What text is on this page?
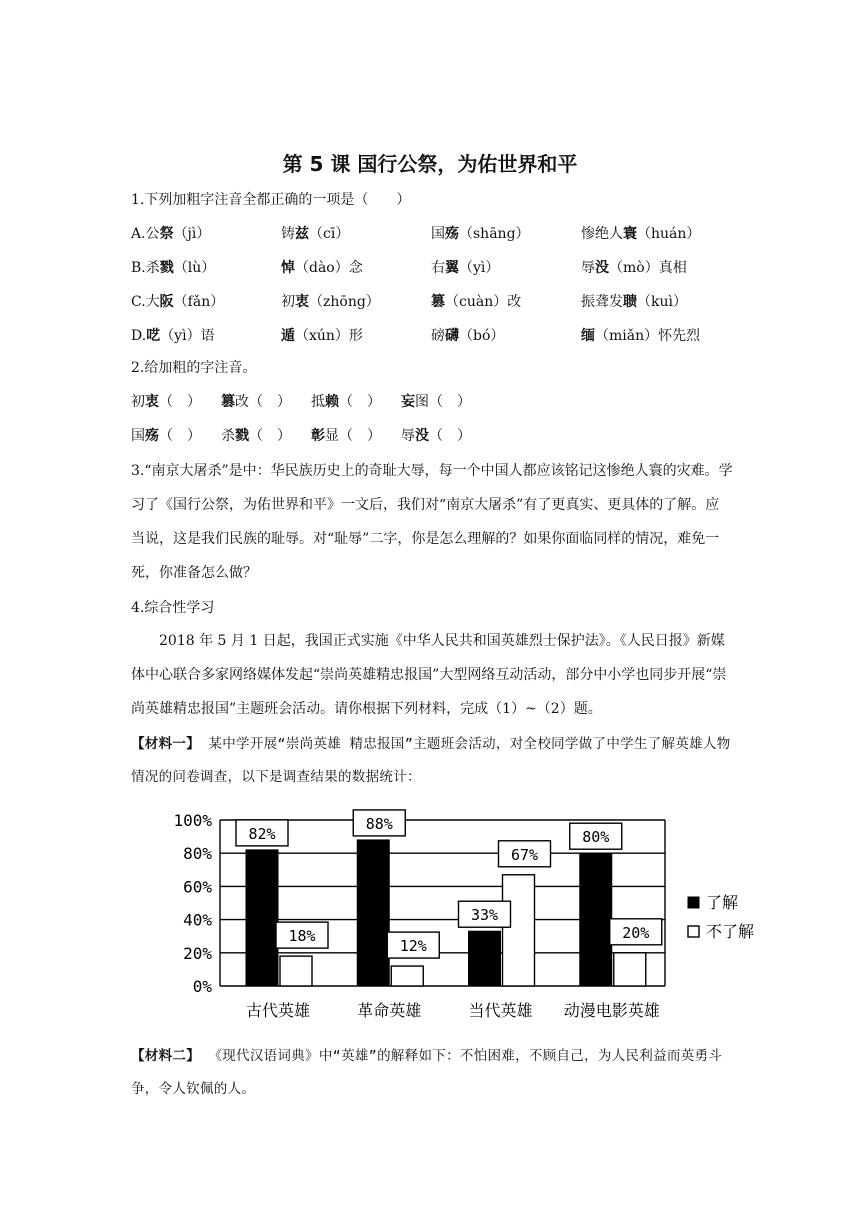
第 5 课 国行公祭，为佑世界和平
1.下列加粗字注音全都正确的一项是（　　）
A.公祭（jì）	铸兹（cī）	国殇（shāng）	惨绝人寰（huán）
B.杀戮（lù）	悼（dào）念	右翼（yì）	辱没（mò）真相
C.大阪（fǎn）	初衷（zhōng）	篡（cuàn）改	振聋发聩（kuì）
D.呓（yì）语	遁（xún）形	磅礴（bó）	缅（miǎn）怀先烈
2.给加粗的字注音。
初衷（　） 篡改（　） 抵赖（　） 妄图（　）
国殇（　） 杀戮（　） 彰显（　） 辱没（　）
3.“南京大屠杀”是中：华民族历史上的奇耻大辱，每一个中国人都应该铭记这惨绝人寰的灾难。学习了《国行公祭，为佑世界和平》一文后，我们对“南京大屠杀”有了更真实、更具体的了解。应当说，这是我们民族的耻辱。对“耻辱”二字，你是怎么理解的？如果你面临同样的情况，难免一死，你准备怎么做？
4.综合性学习
2018 年 5 月 1 日起，我国正式实施《中华人民共和国英雄烈士保护法》。《人民日报》新媒体中心联合多家网络媒体发起“崇尚英雄精忠报国”大型网络互动活动，部分中小学也同步开展“崇尚英雄精忠报国”主题班会活动。请你根据下列材料，完成（1）~（2）题。
【材料一】 某中学开展“崇尚英雄 精忠报国”主题班会活动，对全校同学做了中学生了解英雄人物情况的问卷调查，以下是调查结果的数据统计：
0%
20%
40%
60%
80%
100%
82%
18%
古代英雄
88%
12%
革命英雄
33%
67%
当代英雄
80%
20%
动漫电影英雄
了解
不了解
【材料二】 《现代汉语词典》中“英雄”的解释如下：不怕困难，不顾自己，为人民利益而英勇斗争，令人钦佩的人。
